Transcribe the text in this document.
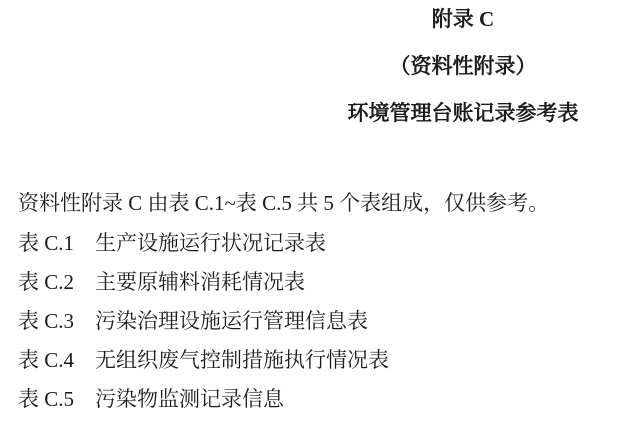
附录 C
（资料性附录）
环境管理台账记录参考表

资料性附录 C 由表 C.1~表 C.5 共 5 个表组成，仅供参考。

表 C.1 生产设施运行状况记录表
表 C.2 主要原辅料消耗情况表
表 C.3 污染治理设施运行管理信息表
表 C.4 无组织废气控制措施执行情况表
表 C.5 污染物监测记录信息
